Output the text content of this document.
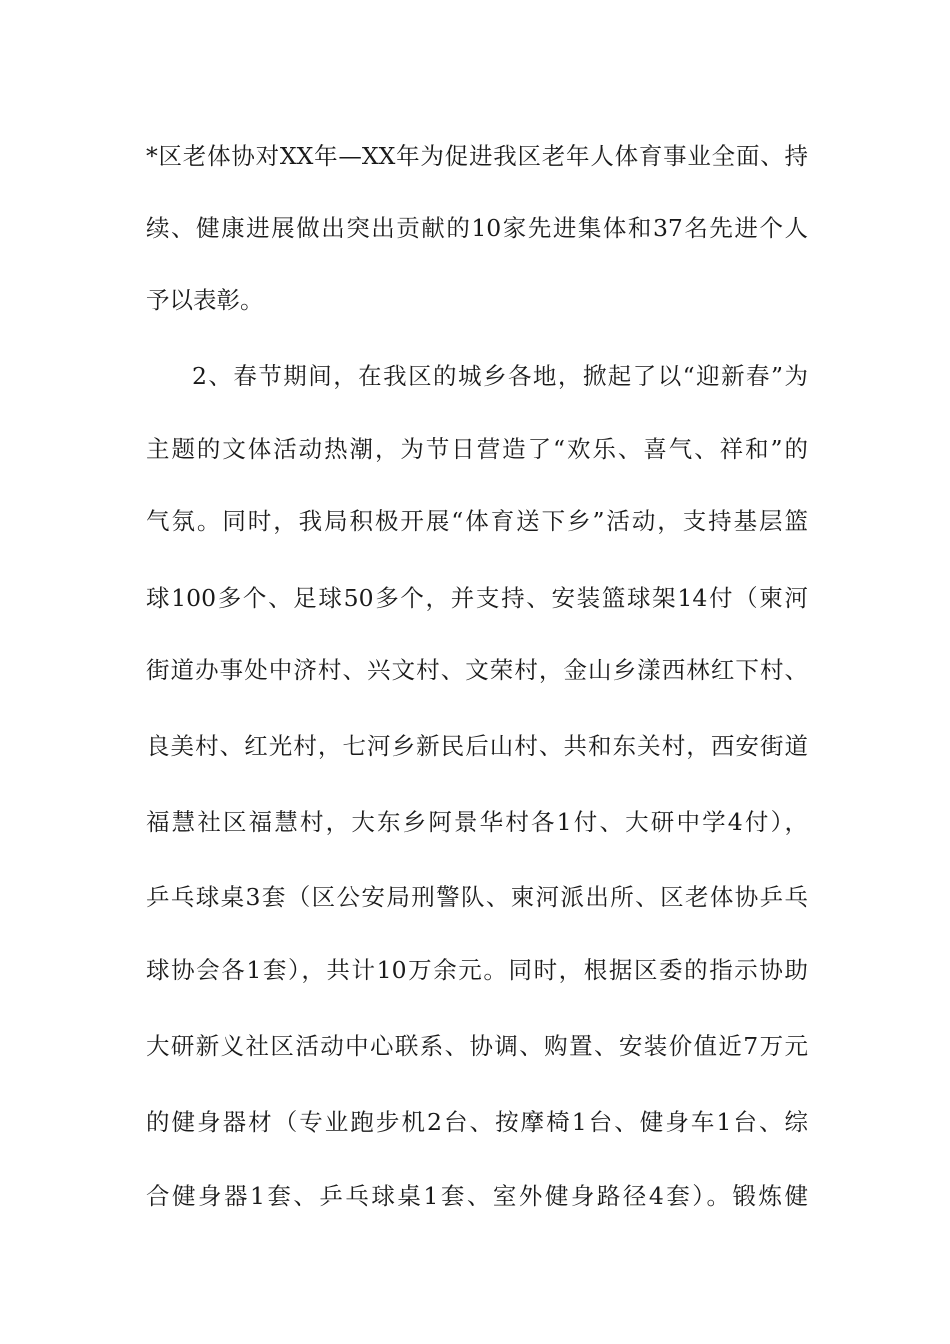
*区老体协对XX年—XX年为促进我区老年人体育事业全面、持
续、健康进展做出突出贡献的10家先进集体和37名先进个人
予以表彰。
2、春节期间，在我区的城乡各地，掀起了以“迎新春”为
主题的文体活动热潮，为节日营造了“欢乐、喜气、祥和”的
气氛。同时，我局积极开展“体育送下乡”活动，支持基层篮
球100多个、足球50多个，并支持、安装篮球架14付（柬河
街道办事处中济村、兴文村、文荣村，金山乡漾西林红下村、
良美村、红光村，七河乡新民后山村、共和东关村，西安街道
福慧社区福慧村，大东乡阿景华村各1付、大研中学4付），
乒乓球桌3套（区公安局刑警队、柬河派出所、区老体协乒乓
球协会各1套），共计10万余元。同时，根据区委的指示协助
大研新义社区活动中心联系、协调、购置、安装价值近7万元
的健身器材（专业跑步机2台、按摩椅1台、健身车1台、综
合健身器1套、乒乓球桌1套、室外健身路径4套）。锻炼健
